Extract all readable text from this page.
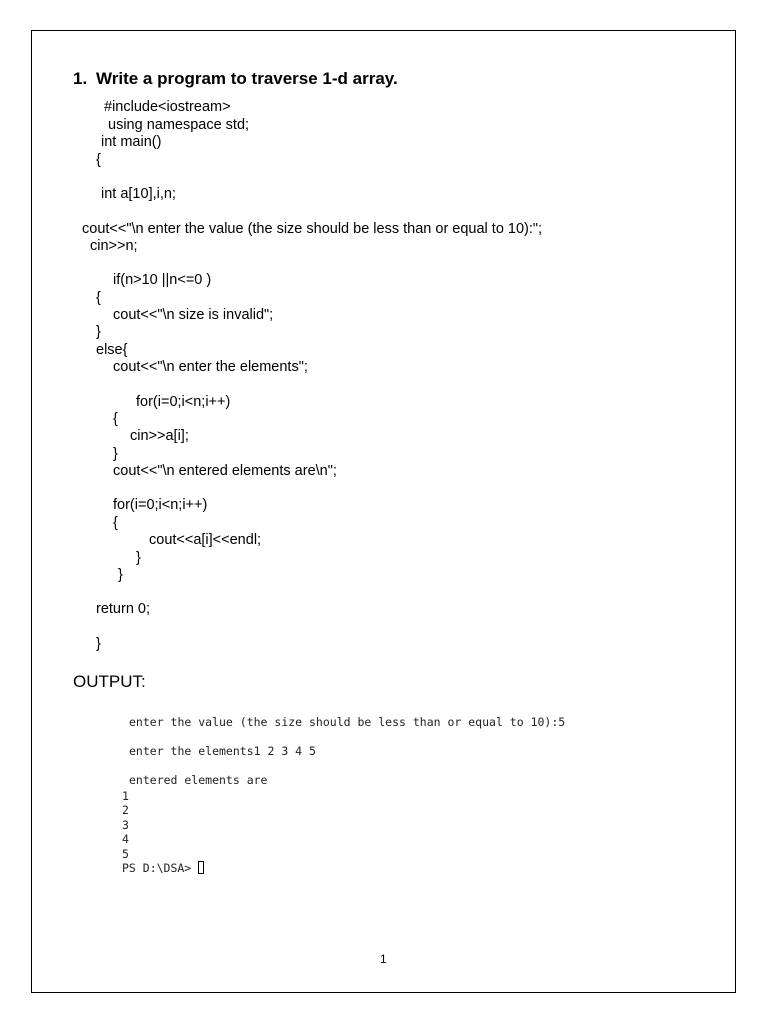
1. Write a program to traverse 1-d array.
#include<iostream>
using namespace std;
int main()
{
int a[10],i,n;
cout<<"\n enter the value (the size should be less than or equal to 10):";
cin>>n;
if(n>10 ||n<=0 )
{
cout<<"\n size is invalid";
}
else{
cout<<"\n enter the elements";
for(i=0;i<n;i++)
{
cin>>a[i];
}
cout<<"\n entered elements are\n";
for(i=0;i<n;i++)
{
cout<<a[i]<<endl;
}
}
return 0;
}
OUTPUT:
enter the value (the size should be less than or equal to 10):5
enter the elements1 2 3 4 5
entered elements are
1
2
3
4
5
PS D:\DSA>
1
